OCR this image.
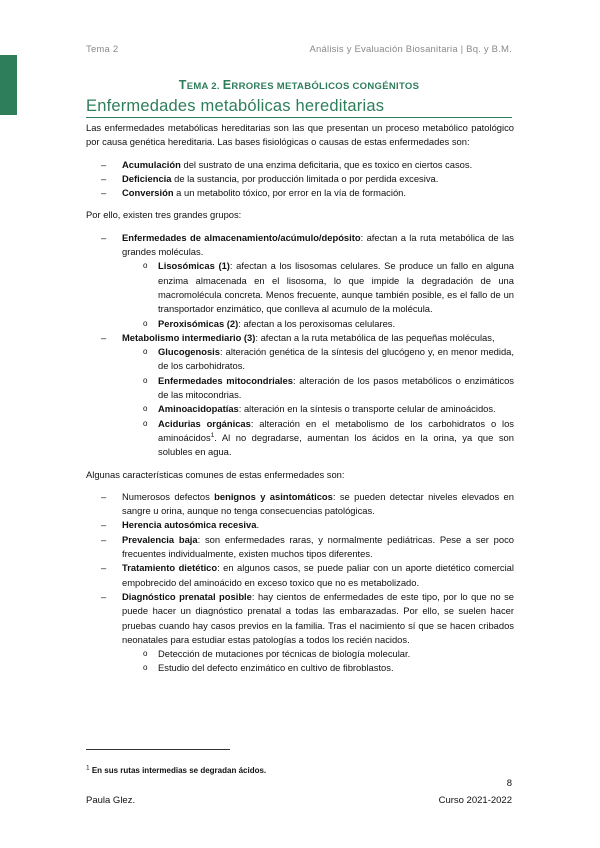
Tema 2	Análisis y Evaluación Biosanitaria | Bq. y B.M.
TEMA 2. ERRORES METABÓLICOS CONGÉNITOS
Enfermedades metabólicas hereditarias

Las enfermedades metabólicas hereditarias son las que presentan un proceso metabólico patológico por causa genética hereditaria. Las bases fisiológicas o causas de estas enfermedades son:

– Acumulación del sustrato de una enzima deficitaria, que es toxico en ciertos casos.
– Deficiencia de la sustancia, por producción limitada o por perdida excesiva.
– Conversión a un metabolito tóxico, por error en la vía de formación.

Por ello, existen tres grandes grupos:

– Enfermedades de almacenamiento/acúmulo/depósito: afectan a la ruta metabólica de las grandes moléculas.
o Lisosómicas (1): afectan a los lisosomas celulares. Se produce un fallo en alguna enzima almacenada en el lisosoma, lo que impide la degradación de una macromolécula concreta. Menos frecuente, aunque también posible, es el fallo de un transportador enzimático, que conlleva al acumulo de la molécula.
o Peroxisómicas (2): afectan a los peroxisomas celulares.
– Metabolismo intermediario (3): afectan a la ruta metabólica de las pequeñas moléculas,
o Glucogenosis: alteración genética de la síntesis del glucógeno y, en menor medida, de los carbohidratos.
o Enfermedades mitocondriales: alteración de los pasos metabólicos o enzimáticos de las mitocondrias.
o Aminoacidopatías: alteración en la síntesis o transporte celular de aminoácidos.
o Acidurias orgánicas: alteración en el metabolismo de los carbohidratos o los aminoácidos$^1$. Al no degradarse, aumentan los ácidos en la orina, ya que son solubles en agua.

Algunas características comunes de estas enfermedades son:

– Numerosos defectos benignos y asintomáticos: se pueden detectar niveles elevados en sangre u orina, aunque no tenga consecuencias patológicas.
– Herencia autosómica recesiva.
– Prevalencia baja: son enfermedades raras, y normalmente pediátricas. Pese a ser poco frecuentes individualmente, existen muchos tipos diferentes.
– Tratamiento dietético: en algunos casos, se puede paliar con un aporte dietético comercial empobrecido del aminoácido en exceso toxico que no es metabolizado.
– Diagnóstico prenatal posible: hay cientos de enfermedades de este tipo, por lo que no se puede hacer un diagnóstico prenatal a todas las embarazadas. Por ello, se suelen hacer pruebas cuando hay casos previos en la familia. Tras el nacimiento sí que se hacen cribados neonatales para estudiar estas patologías a todos los recién nacidos.
o Detección de mutaciones por técnicas de biología molecular.
o Estudio del defecto enzimático en cultivo de fibroblastos.
$^1$ En sus rutas intermedias se degradan ácidos.
8
Paula Glez.	Curso 2021-2022
